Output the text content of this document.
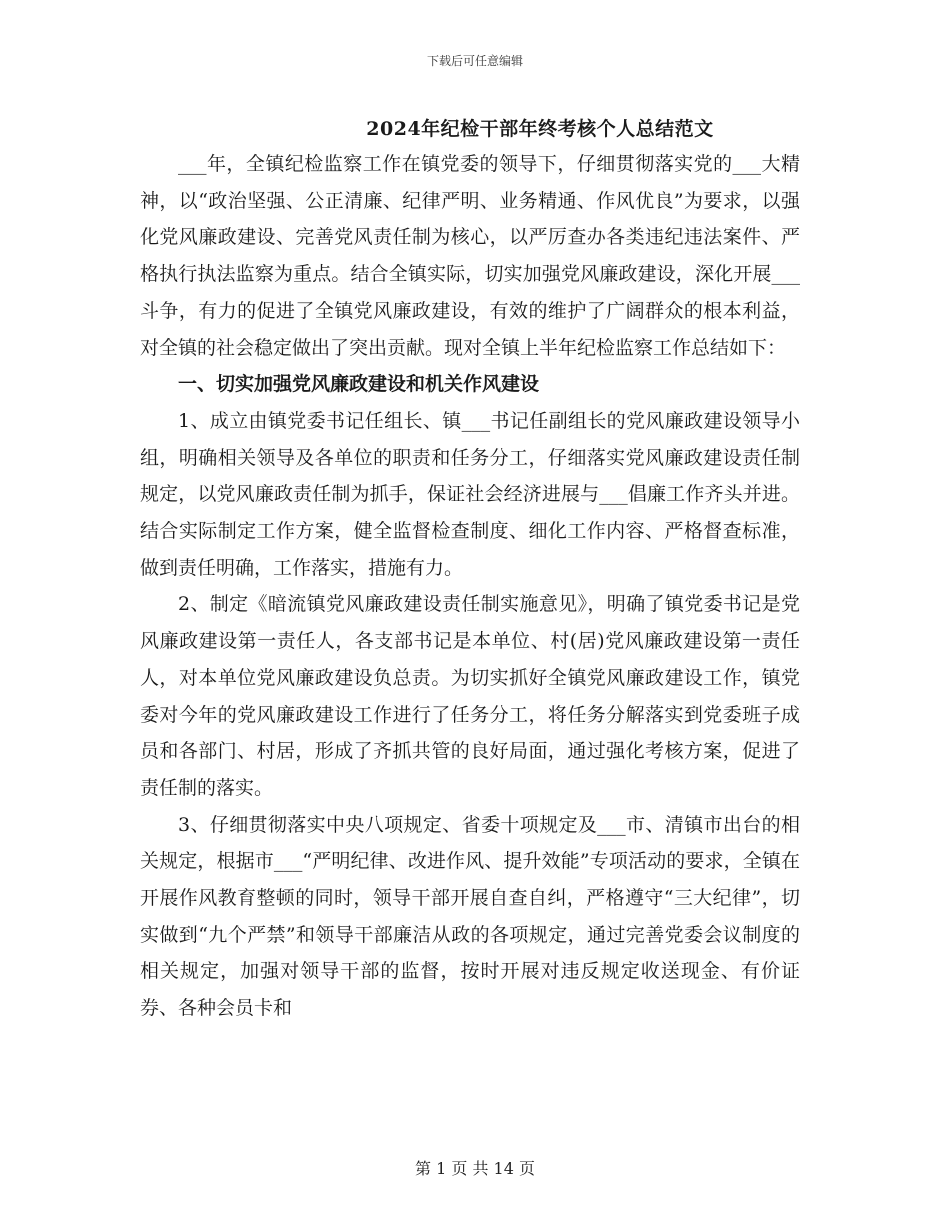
下载后可任意编辑
2024年纪检干部年终考核个人总结范文

___年，全镇纪检监察工作在镇党委的领导下，仔细贯彻落实党的___大精神，以“政治坚强、公正清廉、纪律严明、业务精通、作风优良”为要求，以强化党风廉政建设、完善党风责任制为核心，以严厉查办各类违纪违法案件、严格执行执法监察为重点。结合全镇实际，切实加强党风廉政建设，深化开展___斗争，有力的促进了全镇党风廉政建设，有效的维护了广阔群众的根本利益，对全镇的社会稳定做出了突出贡献。现对全镇上半年纪检监察工作总结如下：

一、切实加强党风廉政建设和机关作风建设

1、成立由镇党委书记任组长、镇___书记任副组长的党风廉政建设领导小组，明确相关领导及各单位的职责和任务分工，仔细落实党风廉政建设责任制规定，以党风廉政责任制为抓手，保证社会经济进展与___倡廉工作齐头并进。结合实际制定工作方案，健全监督检查制度、细化工作内容、严格督查标准，做到责任明确，工作落实，措施有力。

2、制定《暗流镇党风廉政建设责任制实施意见》，明确了镇党委书记是党风廉政建设第一责任人，各支部书记是本单位、村(居)党风廉政建设第一责任人，对本单位党风廉政建设负总责。为切实抓好全镇党风廉政建设工作，镇党委对今年的党风廉政建设工作进行了任务分工，将任务分解落实到党委班子成员和各部门、村居，形成了齐抓共管的良好局面，通过强化考核方案，促进了责任制的落实。

3、仔细贯彻落实中央八项规定、省委十项规定及___市、清镇市出台的相关规定，根据市___“严明纪律、改进作风、提升效能”专项活动的要求，全镇在开展作风教育整顿的同时，领导干部开展自查自纠，严格遵守“三大纪律”，切实做到“九个严禁”和领导干部廉洁从政的各项规定，通过完善党委会议制度的相关规定，加强对领导干部的监督，按时开展对违反规定收送现金、有价证券、各种会员卡和

第 1 页 共 14 页
